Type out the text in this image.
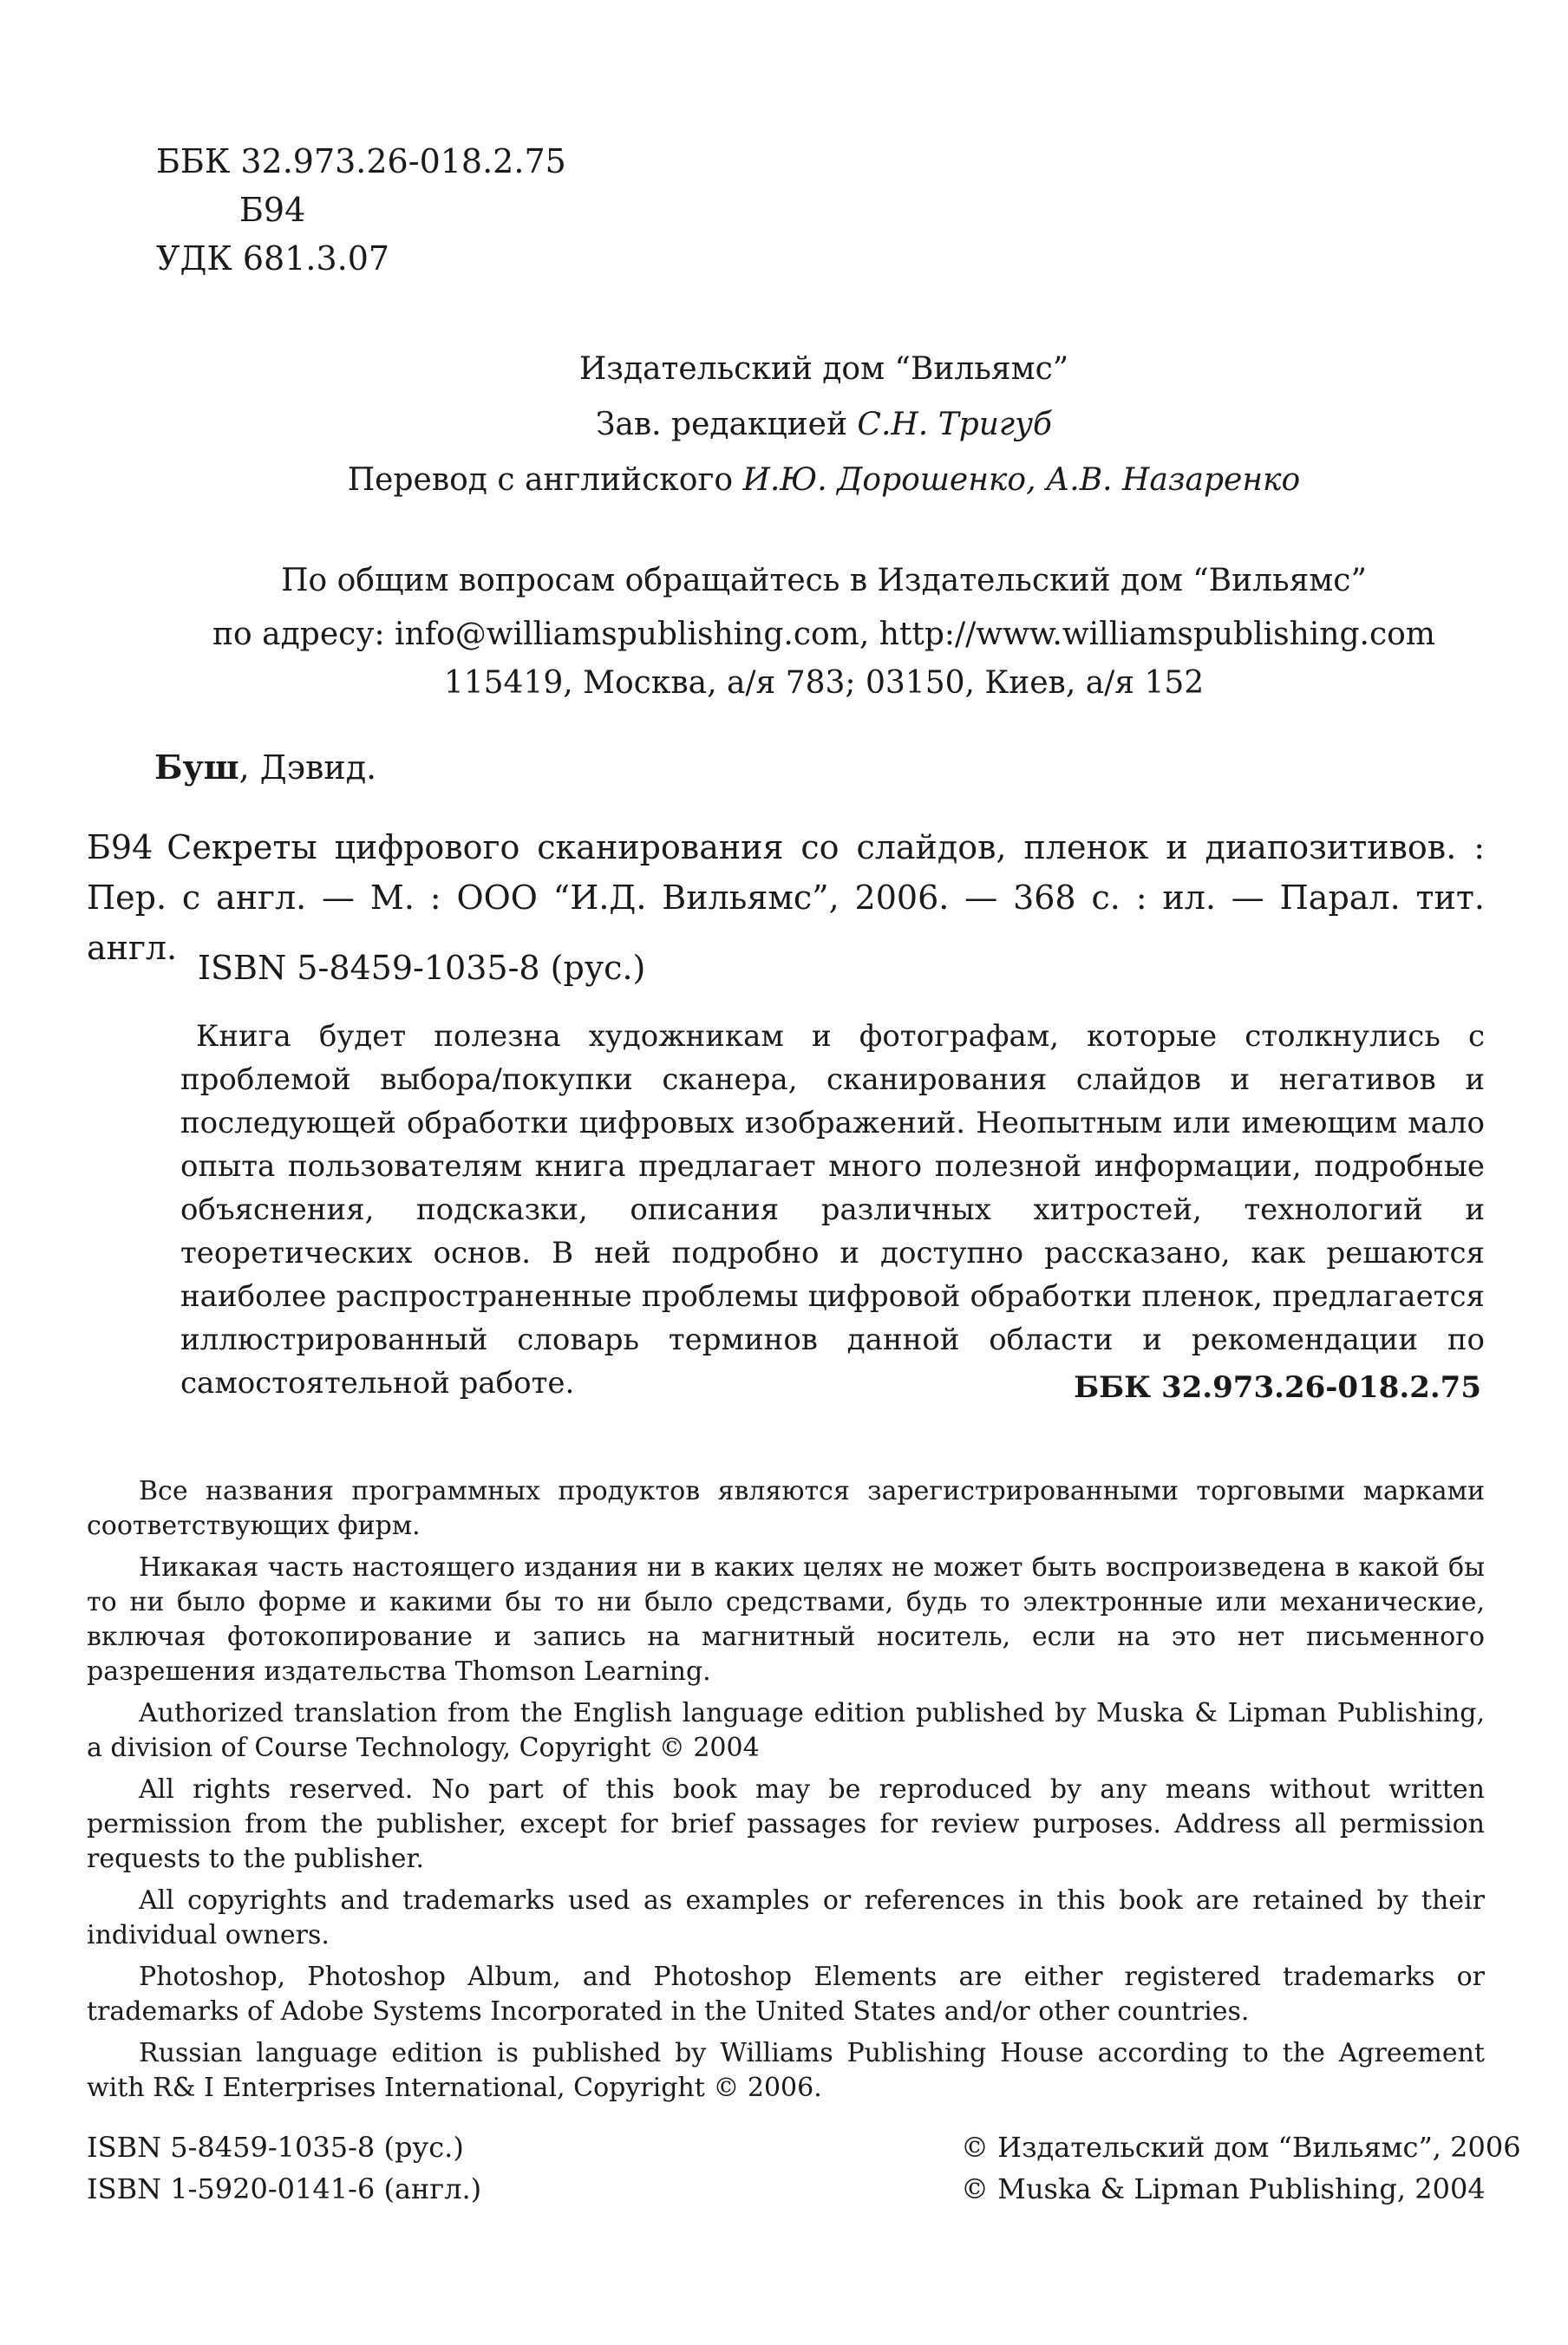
ББК 32.973.26-018.2.75
Б94
УДК 681.3.07
Издательский дом “Вильямс”
Зав. редакцией С.Н. Тригуб
Перевод с английского И.Ю. Дорошенко, А.В. Назаренко
По общим вопросам обращайтесь в Издательский дом “Вильямс”
по адресу: info@williamspublishing.com, http://www.williamspublishing.com
115419, Москва, а/я 783; 03150, Киев, а/я 152
Буш, Дэвид.
Б94 Секреты цифрового сканирования со слайдов, пленок и диапозитивов. : Пер. с англ. — М. : ООО “И.Д. Вильямс”, 2006. — 368 с. : ил. — Парал. тит. англ.
ISBN 5-8459-1035-8 (рус.)

Книга будет полезна художникам и фотографам, которые столкнулись с проблемой выбора/покупки сканера, сканирования слайдов и негативов и последующей обработки цифровых изображений. Неопытным или имеющим мало опыта пользователям книга предлагает много полезной информации, подробные объяснения, подсказки, описания различных хитростей, технологий и теоретических основ. В ней подробно и доступно рассказано, как решаются наиболее распространенные проблемы цифровой обработки пленок, предлагается иллюстрированный словарь терминов данной области и рекомендации по самостоятельной работе.	ББК 32.973.26-018.2.75

Все названия программных продуктов являются зарегистрированными торговыми марками соответствующих фирм.

Никакая часть настоящего издания ни в каких целях не может быть воспроизведена в какой бы то ни было форме и какими бы то ни было средствами, будь то электронные или механические, включая фотокопирование и запись на магнитный носитель, если на это нет письменного разрешения издательства Thomson Learning.

Authorized translation from the English language edition published by Muska & Lipman Publishing, a division of Course Technology, Copyright © 2004

All rights reserved. No part of this book may be reproduced by any means without written permission from the publisher, except for brief passages for review purposes. Address all permission requests to the publisher.

All copyrights and trademarks used as examples or references in this book are retained by their individual owners.

Photoshop, Photoshop Album, and Photoshop Elements are either registered trademarks or trademarks of Adobe Systems Incorporated in the United States and/or other countries.

Russian language edition is published by Williams Publishing House according to the Agreement with R& I Enterprises International, Copyright © 2006.

ISBN 5-8459-1035-8 (рус.)
ISBN 1-5920-0141-6 (англ.)
© Издательский дом “Вильямс”, 2006
© Muska & Lipman Publishing, 2004
